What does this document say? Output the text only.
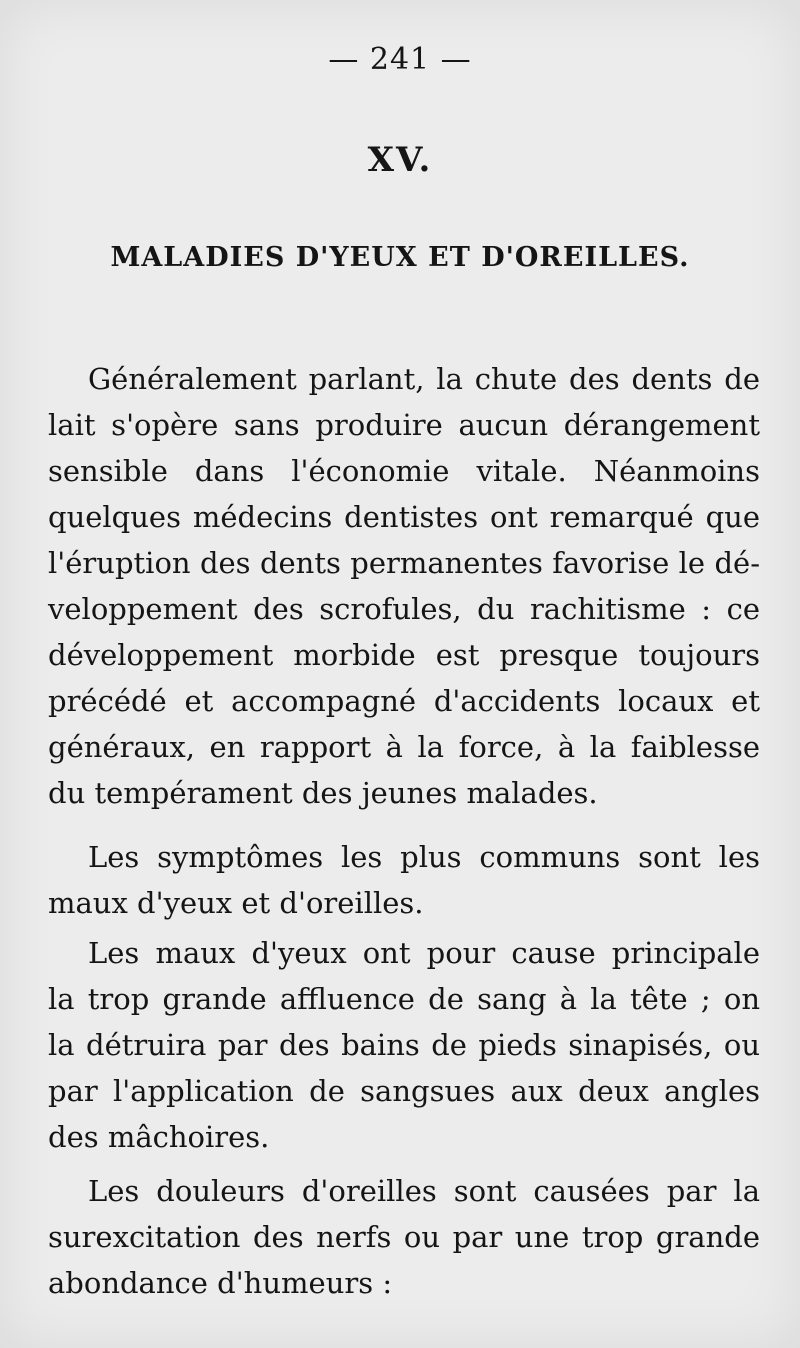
— 241 —
XV.
MALADIES D'YEUX ET D'OREILLES.
Généralement parlant, la chute des dents de
lait s'opère sans produire aucun dérangement
sensible dans l'économie vitale. Néanmoins
quelques médecins dentistes ont remarqué que
l'éruption des dents permanentes favorise le dé-
veloppement des scrofules, du rachitisme : ce
développement morbide est presque toujours
précédé et accompagné d'accidents locaux et
généraux, en rapport à la force, à la faiblesse
du tempérament des jeunes malades.
Les symptômes les plus communs sont les
maux d'yeux et d'oreilles.
Les maux d'yeux ont pour cause principale
la trop grande affluence de sang à la tête ; on
la détruira par des bains de pieds sinapisés, ou
par l'application de sangsues aux deux angles
des mâchoires.
Les douleurs d'oreilles sont causées par la
surexcitation des nerfs ou par une trop grande
abondance d'humeurs :
